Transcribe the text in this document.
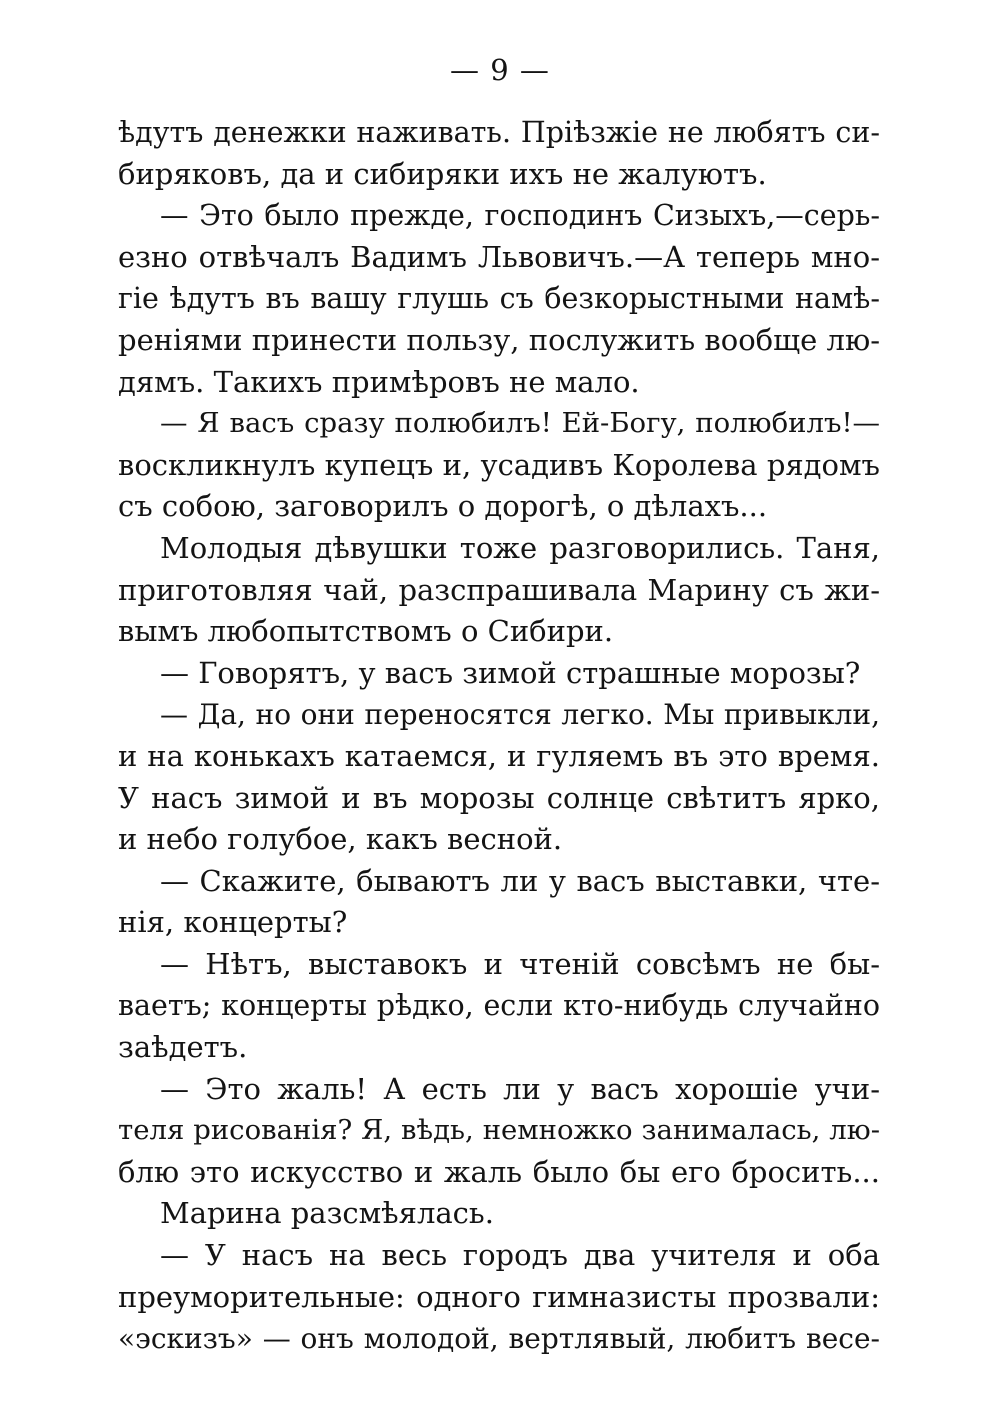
— 9 —
ѣдутъ денежки наживать. Пріѣзжіе не любятъ си-
биряковъ, да и сибиряки ихъ не жалуютъ.
— Это было прежде, господинъ Сизыхъ,—серь-
езно отвѣчалъ Вадимъ Львовичъ.—А теперь мно-
гіе ѣдутъ въ вашу глушь съ безкорыстными намѣ-
реніями принести пользу, послужить вообще лю-
дямъ. Такихъ примѣровъ не мало.
— Я васъ сразу полюбилъ! Ей-Богу, полюбилъ!—
воскликнулъ купецъ и, усадивъ Королева рядомъ
съ собою, заговорилъ о дорогѣ, о дѣлахъ...
Молодыя дѣвушки тоже разговорились. Таня,
приготовляя чай, разспрашивала Марину съ жи-
вымъ любопытствомъ о Сибири.
— Говорятъ, у васъ зимой страшные морозы?
— Да, но они переносятся легко. Мы привыкли,
и на конькахъ катаемся, и гуляемъ въ это время.
У насъ зимой и въ морозы солнце свѣтитъ ярко,
и небо голубое, какъ весной.
— Скажите, бываютъ ли у васъ выставки, чте-
нія, концерты?
— Нѣтъ, выставокъ и чтеній совсѣмъ не бы-
ваетъ; концерты рѣдко, если кто-нибудь случайно
заѣдетъ.
— Это жаль! А есть ли у васъ хорошіе учи-
теля рисованія? Я, вѣдь, немножко занималась, лю-
блю это искусство и жаль было бы его бросить...
Марина разсмѣялась.
— У насъ на весь городъ два учителя и оба
преуморительные: одного гимназисты прозвали:
«эскизъ» — онъ молодой, вертлявый, любитъ весе-
